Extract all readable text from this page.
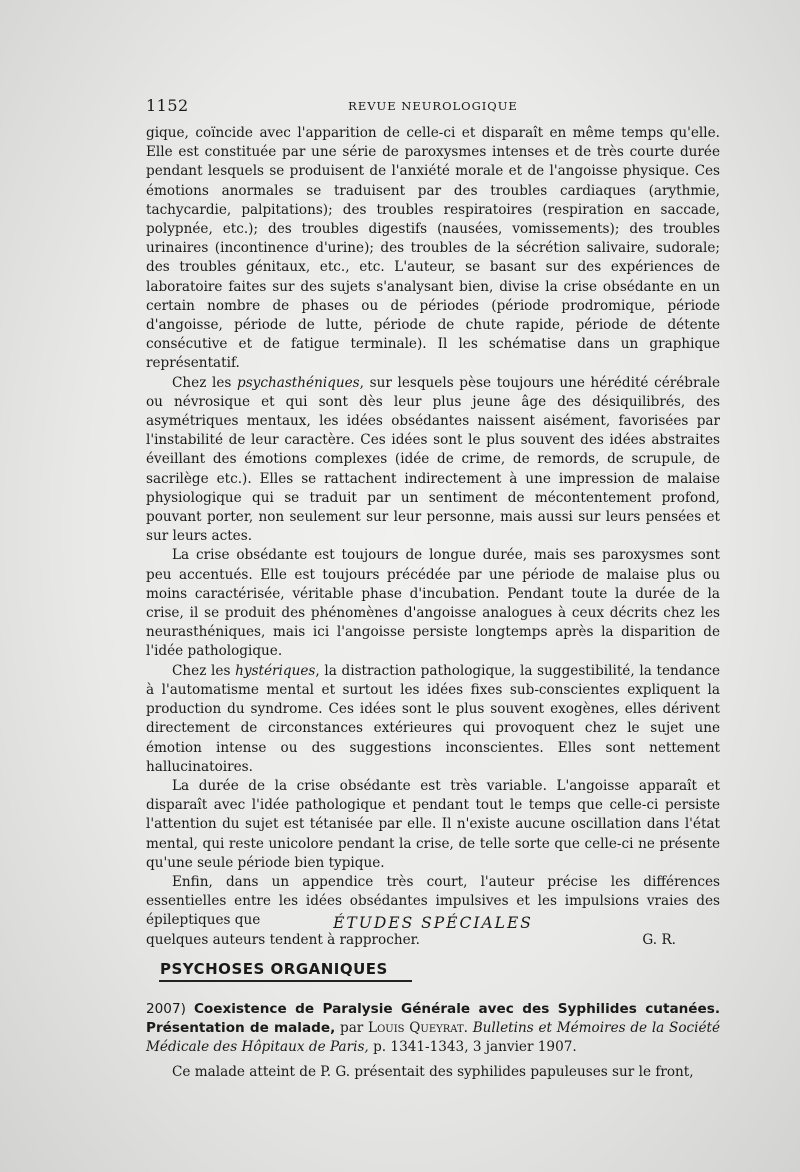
1152	REVUE NEUROLOGIQUE

gique, coïncide avec l'apparition de celle-ci et disparaît en même temps qu'elle. Elle est constituée par une série de paroxysmes intenses et de très courte durée pendant lesquels se produisent de l'anxiété morale et de l'angoisse physique. Ces émotions anormales se traduisent par des troubles cardiaques (arythmie, tachycardie, palpitations); des troubles respiratoires (respiration en saccade, polypnée, etc.); des troubles digestifs (nausées, vomissements); des troubles urinaires (incontinence d'urine); des troubles de la sécrétion salivaire, sudorale; des troubles génitaux, etc., etc. L'auteur, se basant sur des expériences de laboratoire faites sur des sujets s'analysant bien, divise la crise obsédante en un certain nombre de phases ou de périodes (période prodromique, période d'angoisse, période de lutte, période de chute rapide, période de détente consécutive et de fatigue terminale). Il les schématise dans un graphique représentatif.

Chez les psychasthéniques, sur lesquels pèse toujours une hérédité cérébrale ou névrosique et qui sont dès leur plus jeune âge des désiquilibrés, des asymétriques mentaux, les idées obsédantes naissent aisément, favorisées par l'instabilité de leur caractère. Ces idées sont le plus souvent des idées abstraites éveillant des émotions complexes (idée de crime, de remords, de scrupule, de sacrilège etc.). Elles se rattachent indirectement à une impression de malaise physiologique qui se traduit par un sentiment de mécontentement profond, pouvant porter, non seulement sur leur personne, mais aussi sur leurs pensées et sur leurs actes.

La crise obsédante est toujours de longue durée, mais ses paroxysmes sont peu accentués. Elle est toujours précédée par une période de malaise plus ou moins caractérisée, véritable phase d'incubation. Pendant toute la durée de la crise, il se produit des phénomènes d'angoisse analogues à ceux décrits chez les neurasthéniques, mais ici l'angoisse persiste longtemps après la disparition de l'idée pathologique.

Chez les hystériques, la distraction pathologique, la suggestibilité, la tendance à l'automatisme mental et surtout les idées fixes sub-conscientes expliquent la production du syndrome. Ces idées sont le plus souvent exogènes, elles dérivent directement de circonstances extérieures qui provoquent chez le sujet une émotion intense ou des suggestions inconscientes. Elles sont nettement hallucinatoires.

La durée de la crise obsédante est très variable. L'angoisse apparaît et disparaît avec l'idée pathologique et pendant tout le temps que celle-ci persiste l'attention du sujet est tétanisée par elle. Il n'existe aucune oscillation dans l'état mental, qui reste unicolore pendant la crise, de telle sorte que celle-ci ne présente qu'une seule période bien typique.

Enfin, dans un appendice très court, l'auteur précise les différences essentielles entre les idées obsédantes impulsives et les impulsions vraies des épileptiques que

quelques auteurs tendent à rapprocher.	G. R.
ÉTUDES SPÉCIALES
PSYCHOSES ORGANIQUES
2007) Coexistence de Paralysie Générale avec des Syphilides cutanées. Présentation de malade, par Louis Queyrat. Bulletins et Mémoires de la Société Médicale des Hôpitaux de Paris, p. 1341-1343, 3 janvier 1907.
Ce malade atteint de P. G. présentait des syphilides papuleuses sur le front,
